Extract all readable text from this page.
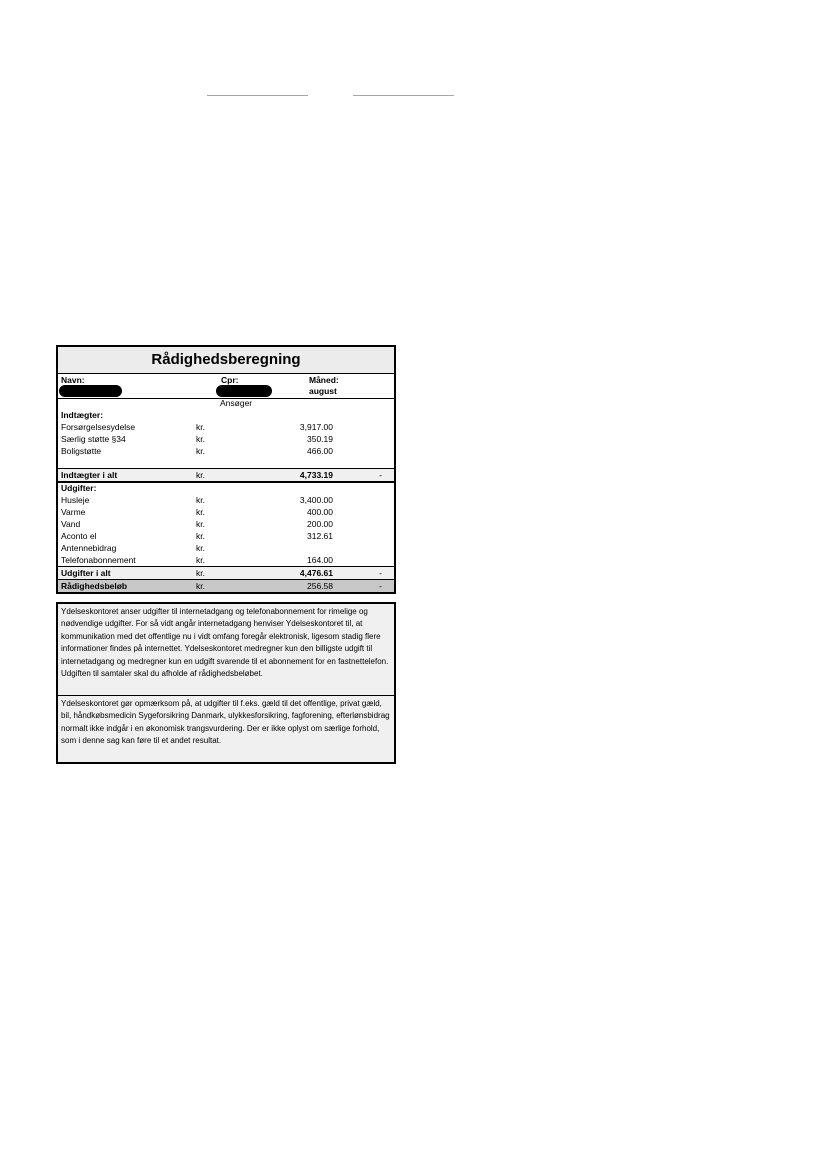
Rådighedsberegning
Navn:	Cpr:	Måned:
august
Ansøger
Indtægter:
Forsørgelsesydelse	kr.	3,917.00
Særlig støtte §34	kr.	350.19
Boligstøtte	kr.	466.00
Indtægter i alt	kr.	4,733.19	-
Udgifter:
Husleje	kr.	3,400.00
Varme	kr.	400.00
Vand	kr.	200.00
Aconto el	kr.	312.61
Antennebidrag	kr.
Telefonabonnement	kr.	164.00
Udgifter i alt	kr.	4,476.61	-
Rådighedsbeløb	kr.	256.58	-
Ydelseskontoret anser udgifter til internetadgang og telefonabonnement for rimelige og nødvendige udgifter. For så vidt angår internetadgang henviser Ydelseskontoret til, at kommunikation med det offentlige nu i vidt omfang foregår elektronisk, ligesom stadig flere informationer findes på internettet. Ydelseskontoret medregner kun den billigste udgift til internetadgang og medregner kun en udgift svarende til et abonnement for en fastnettelefon. Udgiften til samtaler skal du afholde af rådighedsbeløbet.
Ydelseskontoret gør opmærksom på, at udgifter til f.eks. gæld til det offentlige, privat gæld, bil, håndkøbsmedicin Sygeforsikring Danmark, ulykkesforsikring, fagforening, efterlønsbidrag normalt ikke indgår i en økonomisk trangsvurdering. Der er ikke oplyst om særlige forhold, som i denne sag kan føre til et andet resultat.
